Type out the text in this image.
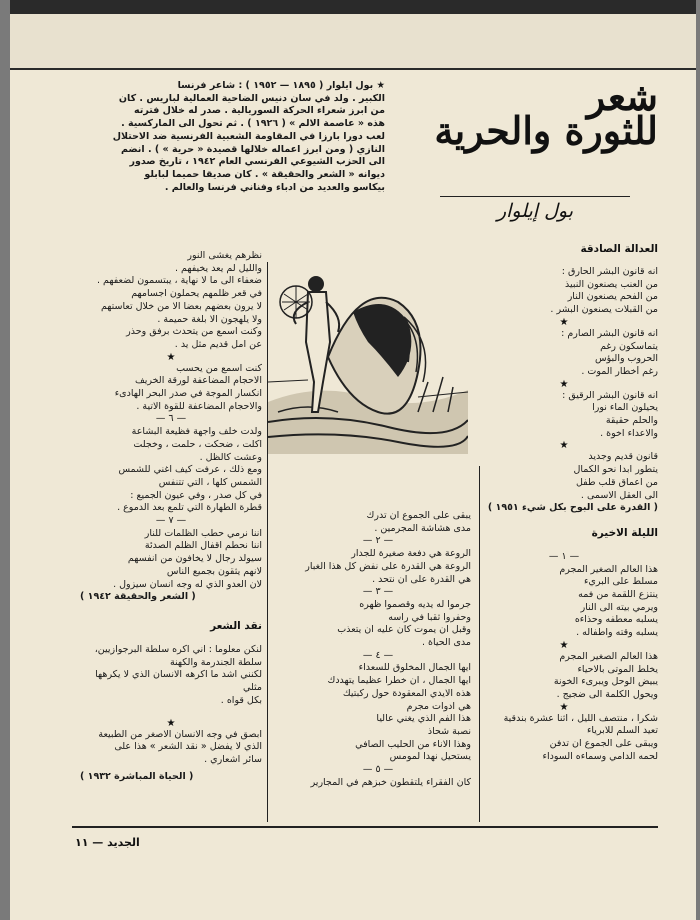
شعر
للثورة والحرية
بول إيلوار
★ بول ايلوار ( ١٨٩٥ — ١٩٥٢ ) : شاعر فرنسا
الكبير . ولد في سان دنيس الضاحية العمالية لباريس . كان
من ابرز شعراء الحركة السوريالية . صدر له خلال فترته
هذه « عاصمة الالم » ( ١٩٢٦ ) . ثم تحول الى الماركسية .
لعب دورا بارزا في المقاومة الشعبية الفرنسية ضد الاحتلال
النازي ( ومن ابرز اعماله خلالها قصيدة « حرية » ) . انضم
الى الحزب الشيوعي الفرنسي العام ١٩٤٢ ، تاريخ صدور
ديوانه « الشعر والحقيقة » . كان صديقا حميما لبابلو
بيكاسو والعديد من ادباء وفناني فرنسا والعالم .
العدالة الصادقة
انه قانون البشر الحارق :
من العنب يصنعون النبيذ
من الفحم يصنعون النار
من القبلات يصنعون البشر .
★
انه قانون البشر الصارم :
يتماسكون رغم
الحروب والبؤس
رغم أخطار الموت .
★
انه قانون البشر الرقيق :
يحيلون الماء نورا
والحلم حقيقة
والاعداء اخوة .
★
قانون قديم وجديد
يتطور ابدا نحو الكمال
من اعماق قلب طفل
الى العقل الاسمى .
( القدرة على البوح بكل شيء ١٩٥١ )
الليلة الاخيرة
— ١ —
هذا العالم الصغير المجرم
مسلط على البريء
ينتزع اللقمة من فمه
ويرمي بيته الى النار
يسلبه معطفه وحذاءه
يسلبه وقته واطفاله .
★
هذا العالم الصغير المجرم
يخلط الموتى بالاحياء
يبيض الوحل ويبرىء الخونة
ويحول الكلمة الى ضجيج .
★
شكرا ، منتصف الليل ، اثنا عشرة بندقية
تعيد السلم للابرياء
ويبقى على الجموع ان تدفن
لحمه الدامي وسماءه السوداء
يبقى على الجموع ان تدرك
مدى هشاشة المجرمين .
— ٢ —
الروعة هي دفعة صغيرة للجدار
الروعة هي القدرة على نفض كل هذا الغبار
هي القدرة على ان نتحد .
— ٣ —
جرموا له يديه وقصموا ظهره
وحفروا ثقبا في راسه
وقبل ان يموت كان عليه ان يتعذب
مدى الحياة .
— ٤ —
ايها الجمال المخلوق للسعداء
ايها الجمال ، ان خطرا عظيما يتهددك
هذه الايدي المعقودة حول ركبتيك
هي ادوات مجرم
هذا الفم الذي يغني عاليا
نصبة شحاذ
وهذا الاناء من الحليب الصافي
يستحيل نهدا لمومس
— ٥ —
كان الفقراء يلتقطون خبزهم في المجارير
نظرهم يغشى النور
والليل لم يعد يخيفهم .
ضعفاء الى ما لا نهاية ، يبتسمون لضعفهم .
في قعر ظلمهم يحملون اجسامهم
لا يرون بعضهم بعضا الا من خلال تعاستهم
ولا يلهجون الا بلغة حميمة .
وكنت اسمع من يتحدث برفق وحذر
عن امل قديم مثل يد .
★
كنت اسمع من يحسب
الاحجام المضاعفة لورقة الخريف
انكسار الموجة في صدر البحر الهادىء
والاحجام المضاعفة للقوة الاتية .
— ٦ —
ولدت خلف واجهة فظيعة البشاعة
اكلت ، ضحكت ، حلمت ، وخجلت
وعشت كالظل .
ومع ذلك ، عرفت كيف اغني للشمس
الشمس كلها ، التي تتنفس
في كل صدر ، وفي عيون الجميع :
قطرة الطهارة التي تلمع بعد الدموع .
— ٧ —
اننا نرمي حطب الظلمات للنار
اننا نحطم اقفال الظلم الصدئة
سيولد رجال لا يخافون من انفسهم
لانهم يثقون بجميع الناس
لان العدو الذي له وجه انسان سيزول .
( الشعر والحقيقة ١٩٤٢ )
نقد الشعر
لنكن معلوما : اني اكره سلطة البرجوازيين،
سلطة الجندرمة والكهنة
لكنني اشد ما اكرهه الانسان الذي لا يكرهها
مثلي
بكل قواه .
★
ابصق في وجه الانسان الاصغر من الطبيعة
الذي لا يفضل « نقد الشعر » هذا على
سائر اشعاري .
( الحياة المباشرة ١٩٣٢ )
الجديد — ١١
